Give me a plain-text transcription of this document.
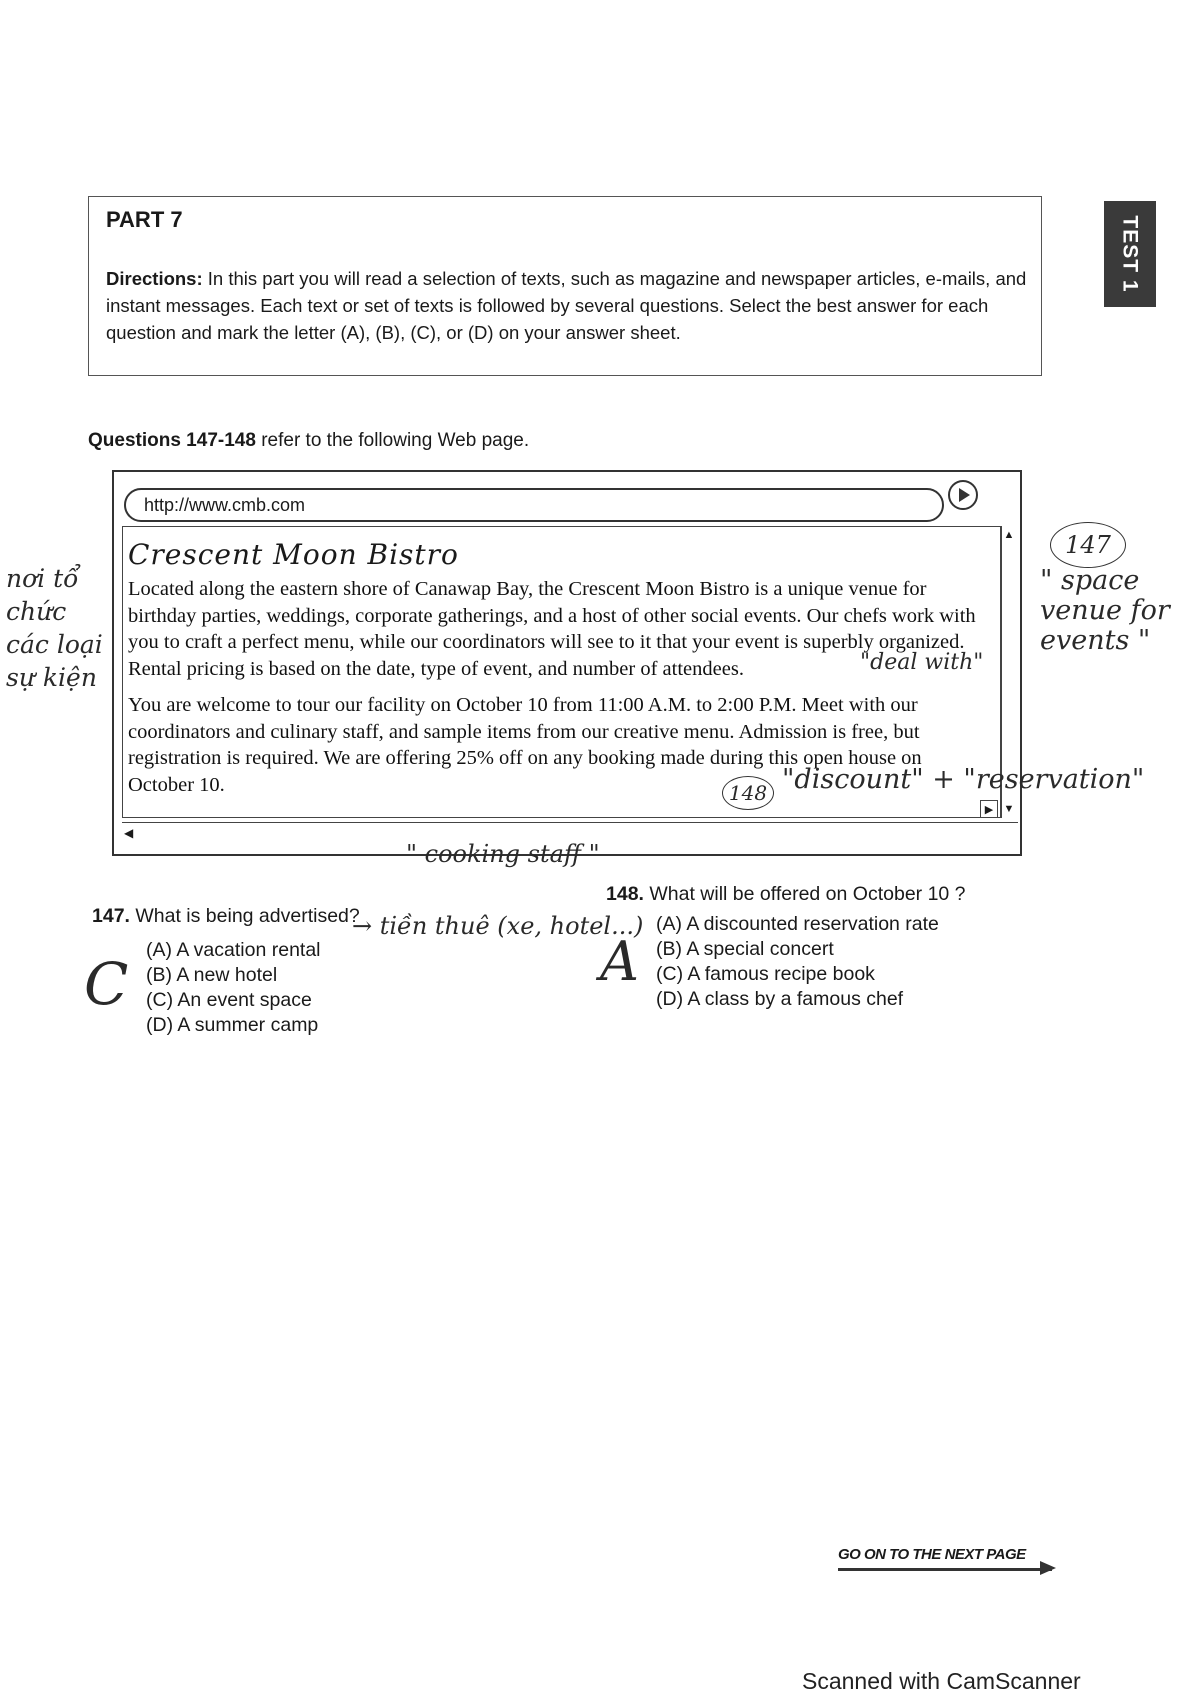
PART 7
Directions: In this part you will read a selection of texts, such as magazine and newspaper articles, e-mails, and instant messages. Each text or set of texts is followed by several questions. Select the best answer for each question and mark the letter (A), (B), (C), or (D) on your answer sheet.
TEST 1
Questions 147-148 refer to the following Web page.
http://www.cmb.com
▲
▼
▶
◀
Crescent Moon Bistro
Located along the eastern shore of Canawap Bay, the Crescent Moon Bistro is a unique venue for birthday parties, weddings, corporate gatherings, and a host of other social events. Our chefs work with you to craft a perfect menu, while our coordinators will see to it that your event is superbly organized. Rental pricing is based on the date, type of event, and number of attendees.
You are welcome to tour our facility on October 10 from 11:00 A.M. to 2:00 P.M. Meet with our coordinators and culinary staff, and sample items from our creative menu. Admission is free, but registration is required. We are offering 25% off on any booking made during this open house on October 10.
147. What is being advertised?
(A) A vacation rental
(B) A new hotel
(C) An event space
(D) A summer camp
148. What will be offered on October 10 ?
(A) A discounted reservation rate
(B) A special concert
(C) A famous recipe book
(D) A class by a famous chef
nơi tổ chức các loại sự kiện
147
" space venue for events "
"deal with"
148 "discount" + "reservation"
" cooking staff "
→ tiền thuê (xe, hotel...)
C	A
GO ON TO THE NEXT PAGE
Scanned with CamScanner
